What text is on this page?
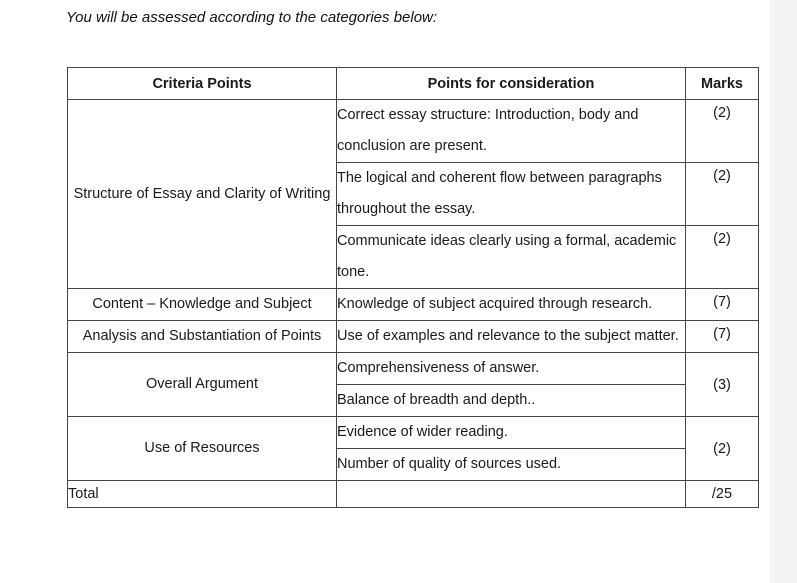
You will be assessed according to the categories below:

Criteria Points	Points for consideration	Marks
Structure of Essay and Clarity of Writing	Correct essay structure: Introduction, body and conclusion are present.	(2)
	The logical and coherent flow between paragraphs throughout the essay.	(2)
	Communicate ideas clearly using a formal, academic tone.	(2)
Content – Knowledge and Subject	Knowledge of subject acquired through research.	(7)
Analysis and Substantiation of Points	Use of examples and relevance to the subject matter.	(7)
Overall Argument	Comprehensiveness of answer.	(3)
	Balance of breadth and depth..	
Use of Resources	Evidence of wider reading.	(2)
	Number of quality of sources used.	
Total		/25
